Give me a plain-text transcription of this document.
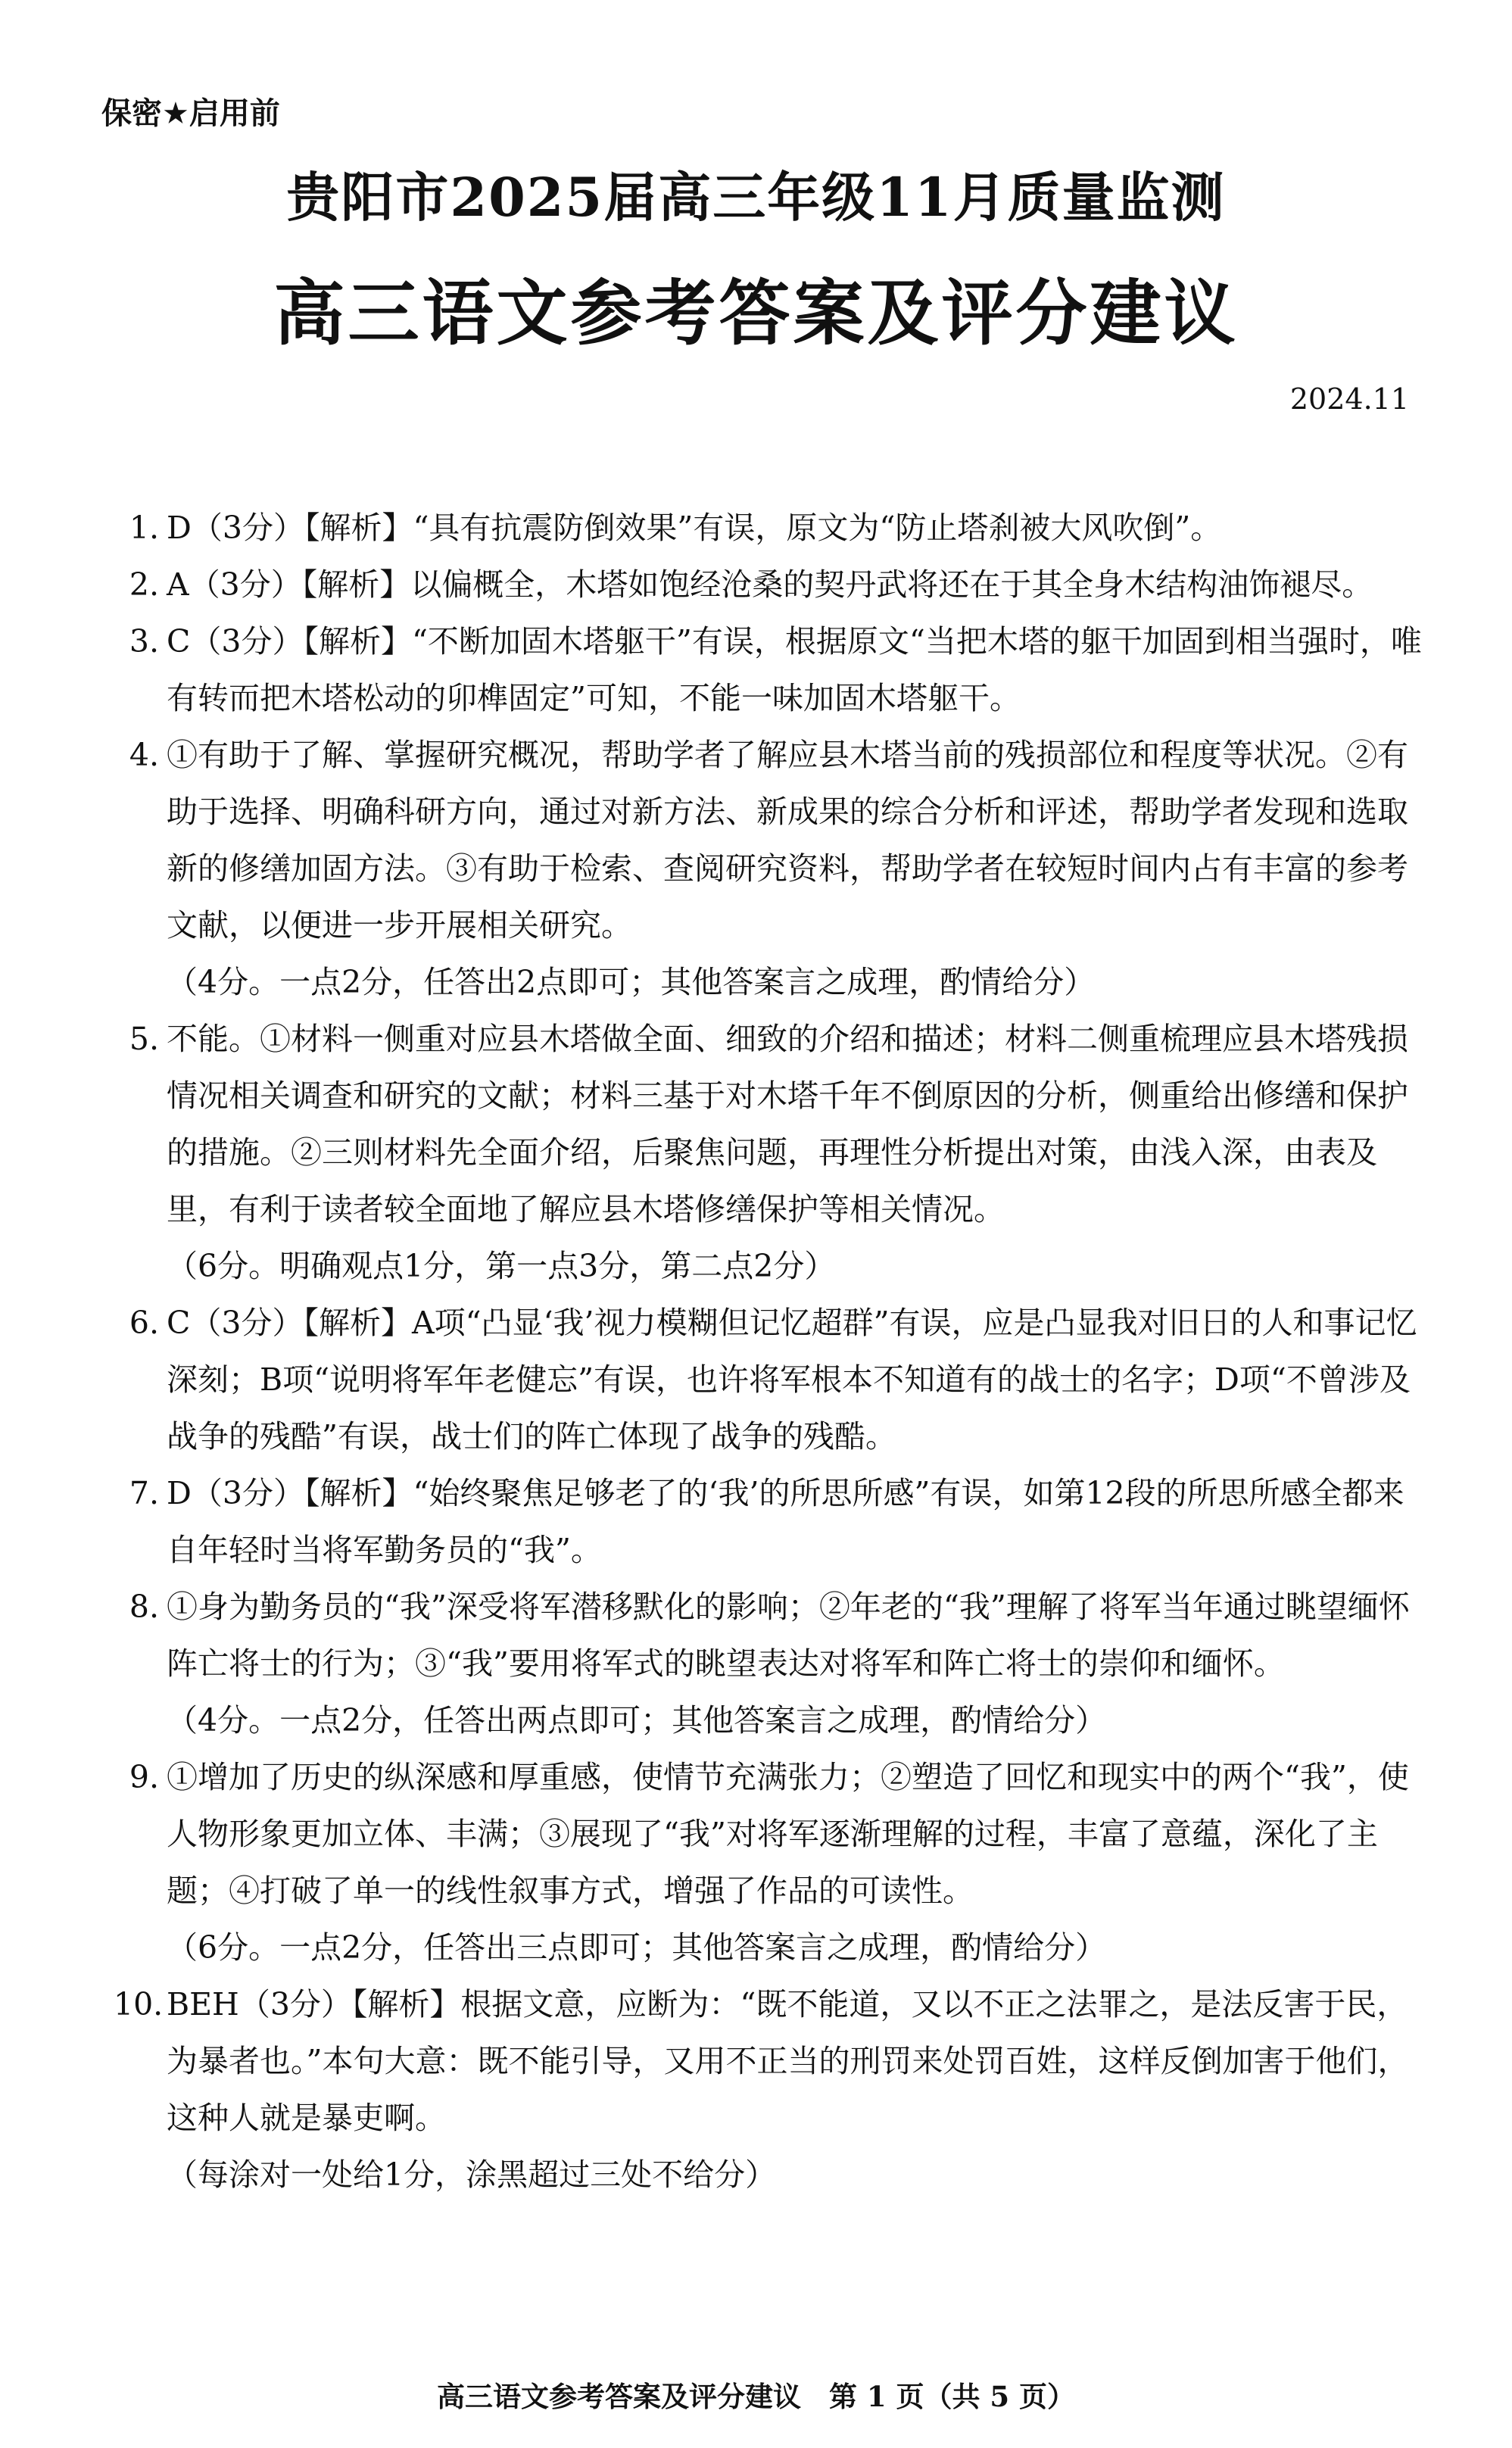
保密★启用前
贵阳市2025届高三年级11月质量监测
高三语文参考答案及评分建议
2024.11
1. D（3分）【解析】“具有抗震防倒效果”有误，原文为“防止塔刹被大风吹倒”。
2. A（3分）【解析】以偏概全，木塔如饱经沧桑的契丹武将还在于其全身木结构油饰褪尽。
3. C（3分）【解析】“不断加固木塔躯干”有误，根据原文“当把木塔的躯干加固到相当强时，唯有转而把木塔松动的卯榫固定”可知，不能一味加固木塔躯干。
4. ①有助于了解、掌握研究概况，帮助学者了解应县木塔当前的残损部位和程度等状况。②有助于选择、明确科研方向，通过对新方法、新成果的综合分析和评述，帮助学者发现和选取新的修缮加固方法。③有助于检索、查阅研究资料，帮助学者在较短时间内占有丰富的参考文献，以便进一步开展相关研究。
（4分。一点2分，任答出2点即可；其他答案言之成理，酌情给分）
5. 不能。①材料一侧重对应县木塔做全面、细致的介绍和描述；材料二侧重梳理应县木塔残损情况相关调查和研究的文献；材料三基于对木塔千年不倒原因的分析，侧重给出修缮和保护的措施。②三则材料先全面介绍，后聚焦问题，再理性分析提出对策，由浅入深，由表及里，有利于读者较全面地了解应县木塔修缮保护等相关情况。
（6分。明确观点1分，第一点3分，第二点2分）
6. C（3分）【解析】A项“凸显‘我’视力模糊但记忆超群”有误，应是凸显我对旧日的人和事记忆深刻；B项“说明将军年老健忘”有误，也许将军根本不知道有的战士的名字；D项“不曾涉及战争的残酷”有误，战士们的阵亡体现了战争的残酷。
7. D（3分）【解析】“始终聚焦足够老了的‘我’的所思所感”有误，如第12段的所思所感全都来自年轻时当将军勤务员的“我”。
8. ①身为勤务员的“我”深受将军潜移默化的影响；②年老的“我”理解了将军当年通过眺望缅怀阵亡将士的行为；③“我”要用将军式的眺望表达对将军和阵亡将士的崇仰和缅怀。
（4分。一点2分，任答出两点即可；其他答案言之成理，酌情给分）
9. ①增加了历史的纵深感和厚重感，使情节充满张力；②塑造了回忆和现实中的两个“我”，使人物形象更加立体、丰满；③展现了“我”对将军逐渐理解的过程，丰富了意蕴，深化了主题；④打破了单一的线性叙事方式，增强了作品的可读性。
（6分。一点2分，任答出三点即可；其他答案言之成理，酌情给分）
10. BEH（3分）【解析】根据文意，应断为：“既不能道，又以不正之法罪之，是法反害于民，为暴者也。”本句大意：既不能引导，又用不正当的刑罚来处罚百姓，这样反倒加害于他们，这种人就是暴吏啊。
（每涂对一处给1分，涂黑超过三处不给分）
高三语文参考答案及评分建议　第 1 页（共 5 页）
